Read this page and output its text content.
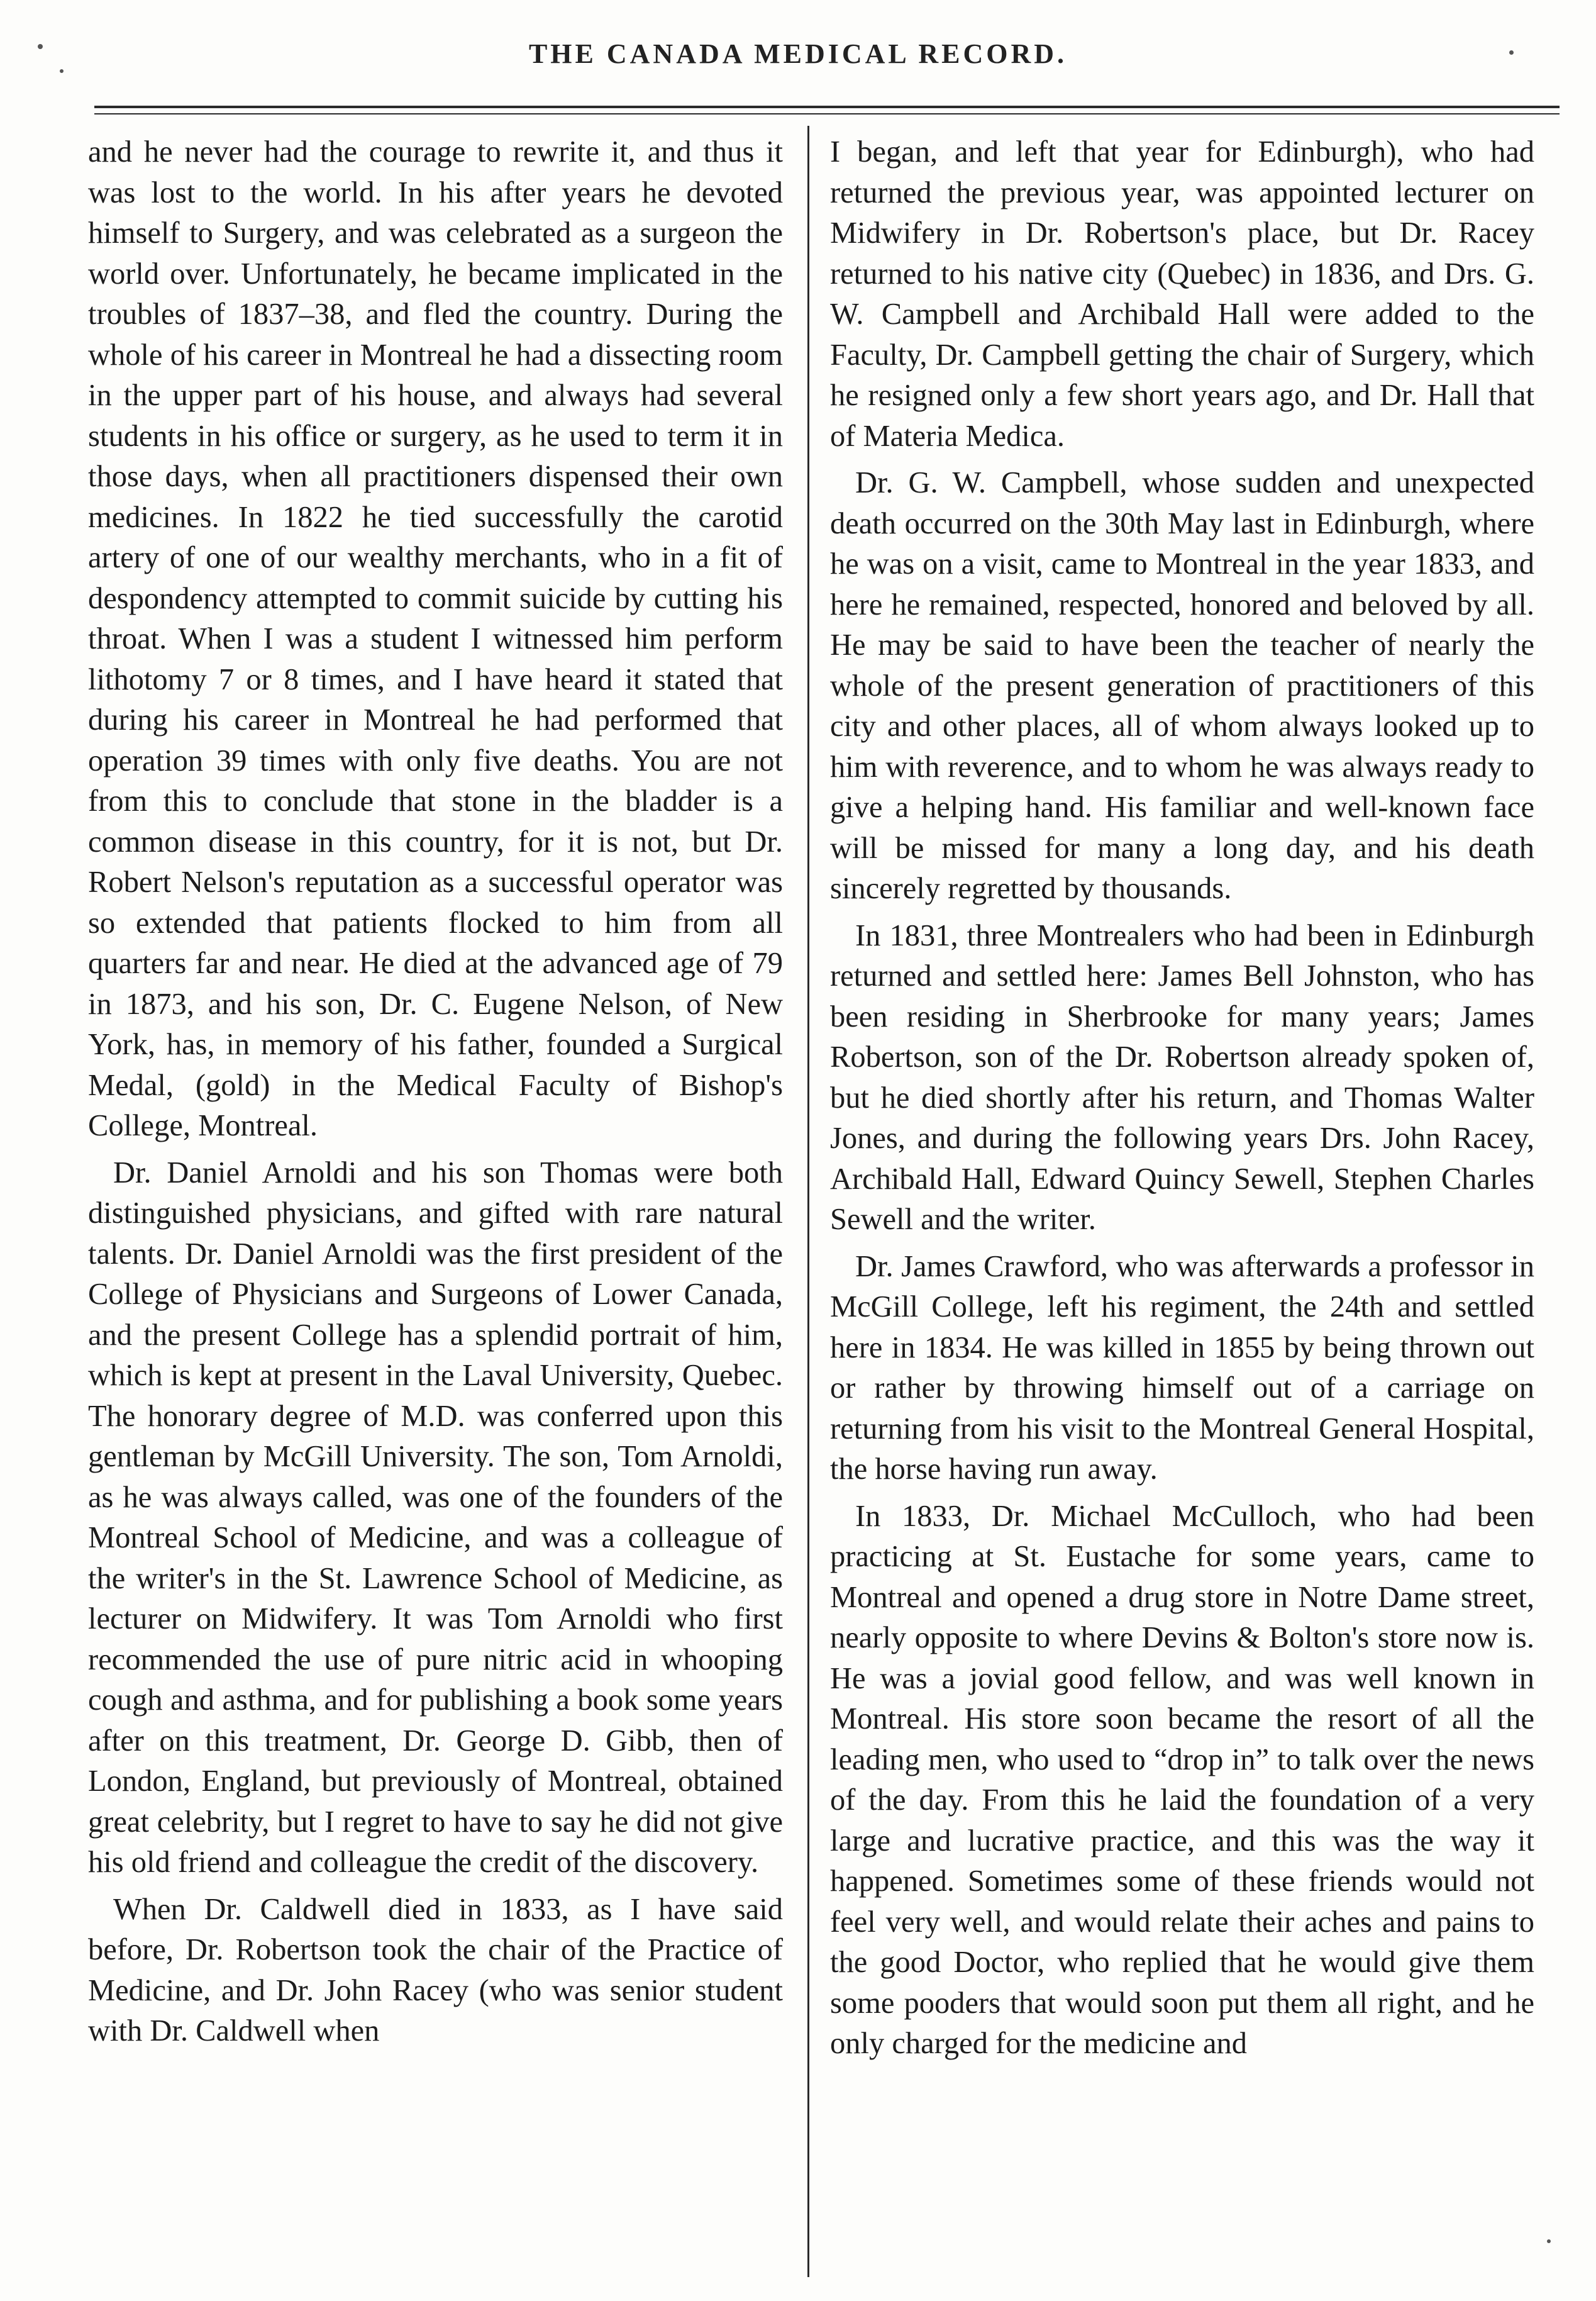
THE CANADA MEDICAL RECORD.

and he never had the courage to rewrite it, and thus it was lost to the world. In his after years he devoted himself to Surgery, and was celebrated as a surgeon the world over. Unfortunately, he became implicated in the troubles of 1837–38, and fled the country. During the whole of his career in Montreal he had a dissecting room in the upper part of his house, and always had several students in his office or surgery, as he used to term it in those days, when all practitioners dispensed their own medicines. In 1822 he tied successfully the carotid artery of one of our wealthy merchants, who in a fit of despondency attempted to commit suicide by cutting his throat. When I was a student I witnessed him perform lithotomy 7 or 8 times, and I have heard it stated that during his career in Montreal he had performed that operation 39 times with only five deaths. You are not from this to conclude that stone in the bladder is a common disease in this country, for it is not, but Dr. Robert Nelson's reputation as a successful operator was so extended that patients flocked to him from all quarters far and near. He died at the advanced age of 79 in 1873, and his son, Dr. C. Eugene Nelson, of New York, has, in memory of his father, founded a Surgical Medal, (gold) in the Medical Faculty of Bishop's College, Montreal.

Dr. Daniel Arnoldi and his son Thomas were both distinguished physicians, and gifted with rare natural talents. Dr. Daniel Arnoldi was the first president of the College of Physicians and Surgeons of Lower Canada, and the present College has a splendid portrait of him, which is kept at present in the Laval University, Quebec. The honorary degree of M.D. was conferred upon this gentleman by McGill University. The son, Tom Arnoldi, as he was always called, was one of the founders of the Montreal School of Medicine, and was a colleague of the writer's in the St. Lawrence School of Medicine, as lecturer on Midwifery. It was Tom Arnoldi who first recommended the use of pure nitric acid in whooping cough and asthma, and for publishing a book some years after on this treatment, Dr. George D. Gibb, then of London, England, but previously of Montreal, obtained great celebrity, but I regret to have to say he did not give his old friend and colleague the credit of the discovery.

When Dr. Caldwell died in 1833, as I have said before, Dr. Robertson took the chair of the Practice of Medicine, and Dr. John Racey (who was senior student with Dr. Caldwell when

I began, and left that year for Edinburgh), who had returned the previous year, was appointed lecturer on Midwifery in Dr. Robertson's place, but Dr. Racey returned to his native city (Quebec) in 1836, and Drs. G. W. Campbell and Archibald Hall were added to the Faculty, Dr. Campbell getting the chair of Surgery, which he resigned only a few short years ago, and Dr. Hall that of Materia Medica.

Dr. G. W. Campbell, whose sudden and unexpected death occurred on the 30th May last in Edinburgh, where he was on a visit, came to Montreal in the year 1833, and here he remained, respected, honored and beloved by all. He may be said to have been the teacher of nearly the whole of the present generation of practitioners of this city and other places, all of whom always looked up to him with reverence, and to whom he was always ready to give a helping hand. His familiar and well-known face will be missed for many a long day, and his death sincerely regretted by thousands.

In 1831, three Montrealers who had been in Edinburgh returned and settled here: James Bell Johnston, who has been residing in Sherbrooke for many years; James Robertson, son of the Dr. Robertson already spoken of, but he died shortly after his return, and Thomas Walter Jones, and during the following years Drs. John Racey, Archibald Hall, Edward Quincy Sewell, Stephen Charles Sewell and the writer.

Dr. James Crawford, who was afterwards a professor in McGill College, left his regiment, the 24th and settled here in 1834. He was killed in 1855 by being thrown out or rather by throwing himself out of a carriage on returning from his visit to the Montreal General Hospital, the horse having run away.

In 1833, Dr. Michael McCulloch, who had been practicing at St. Eustache for some years, came to Montreal and opened a drug store in Notre Dame street, nearly opposite to where Devins & Bolton's store now is. He was a jovial good fellow, and was well known in Montreal. His store soon became the resort of all the leading men, who used to “drop in” to talk over the news of the day. From this he laid the foundation of a very large and lucrative practice, and this was the way it happened. Sometimes some of these friends would not feel very well, and would relate their aches and pains to the good Doctor, who replied that he would give them some pooders that would soon put them all right, and he only charged for the medicine and
